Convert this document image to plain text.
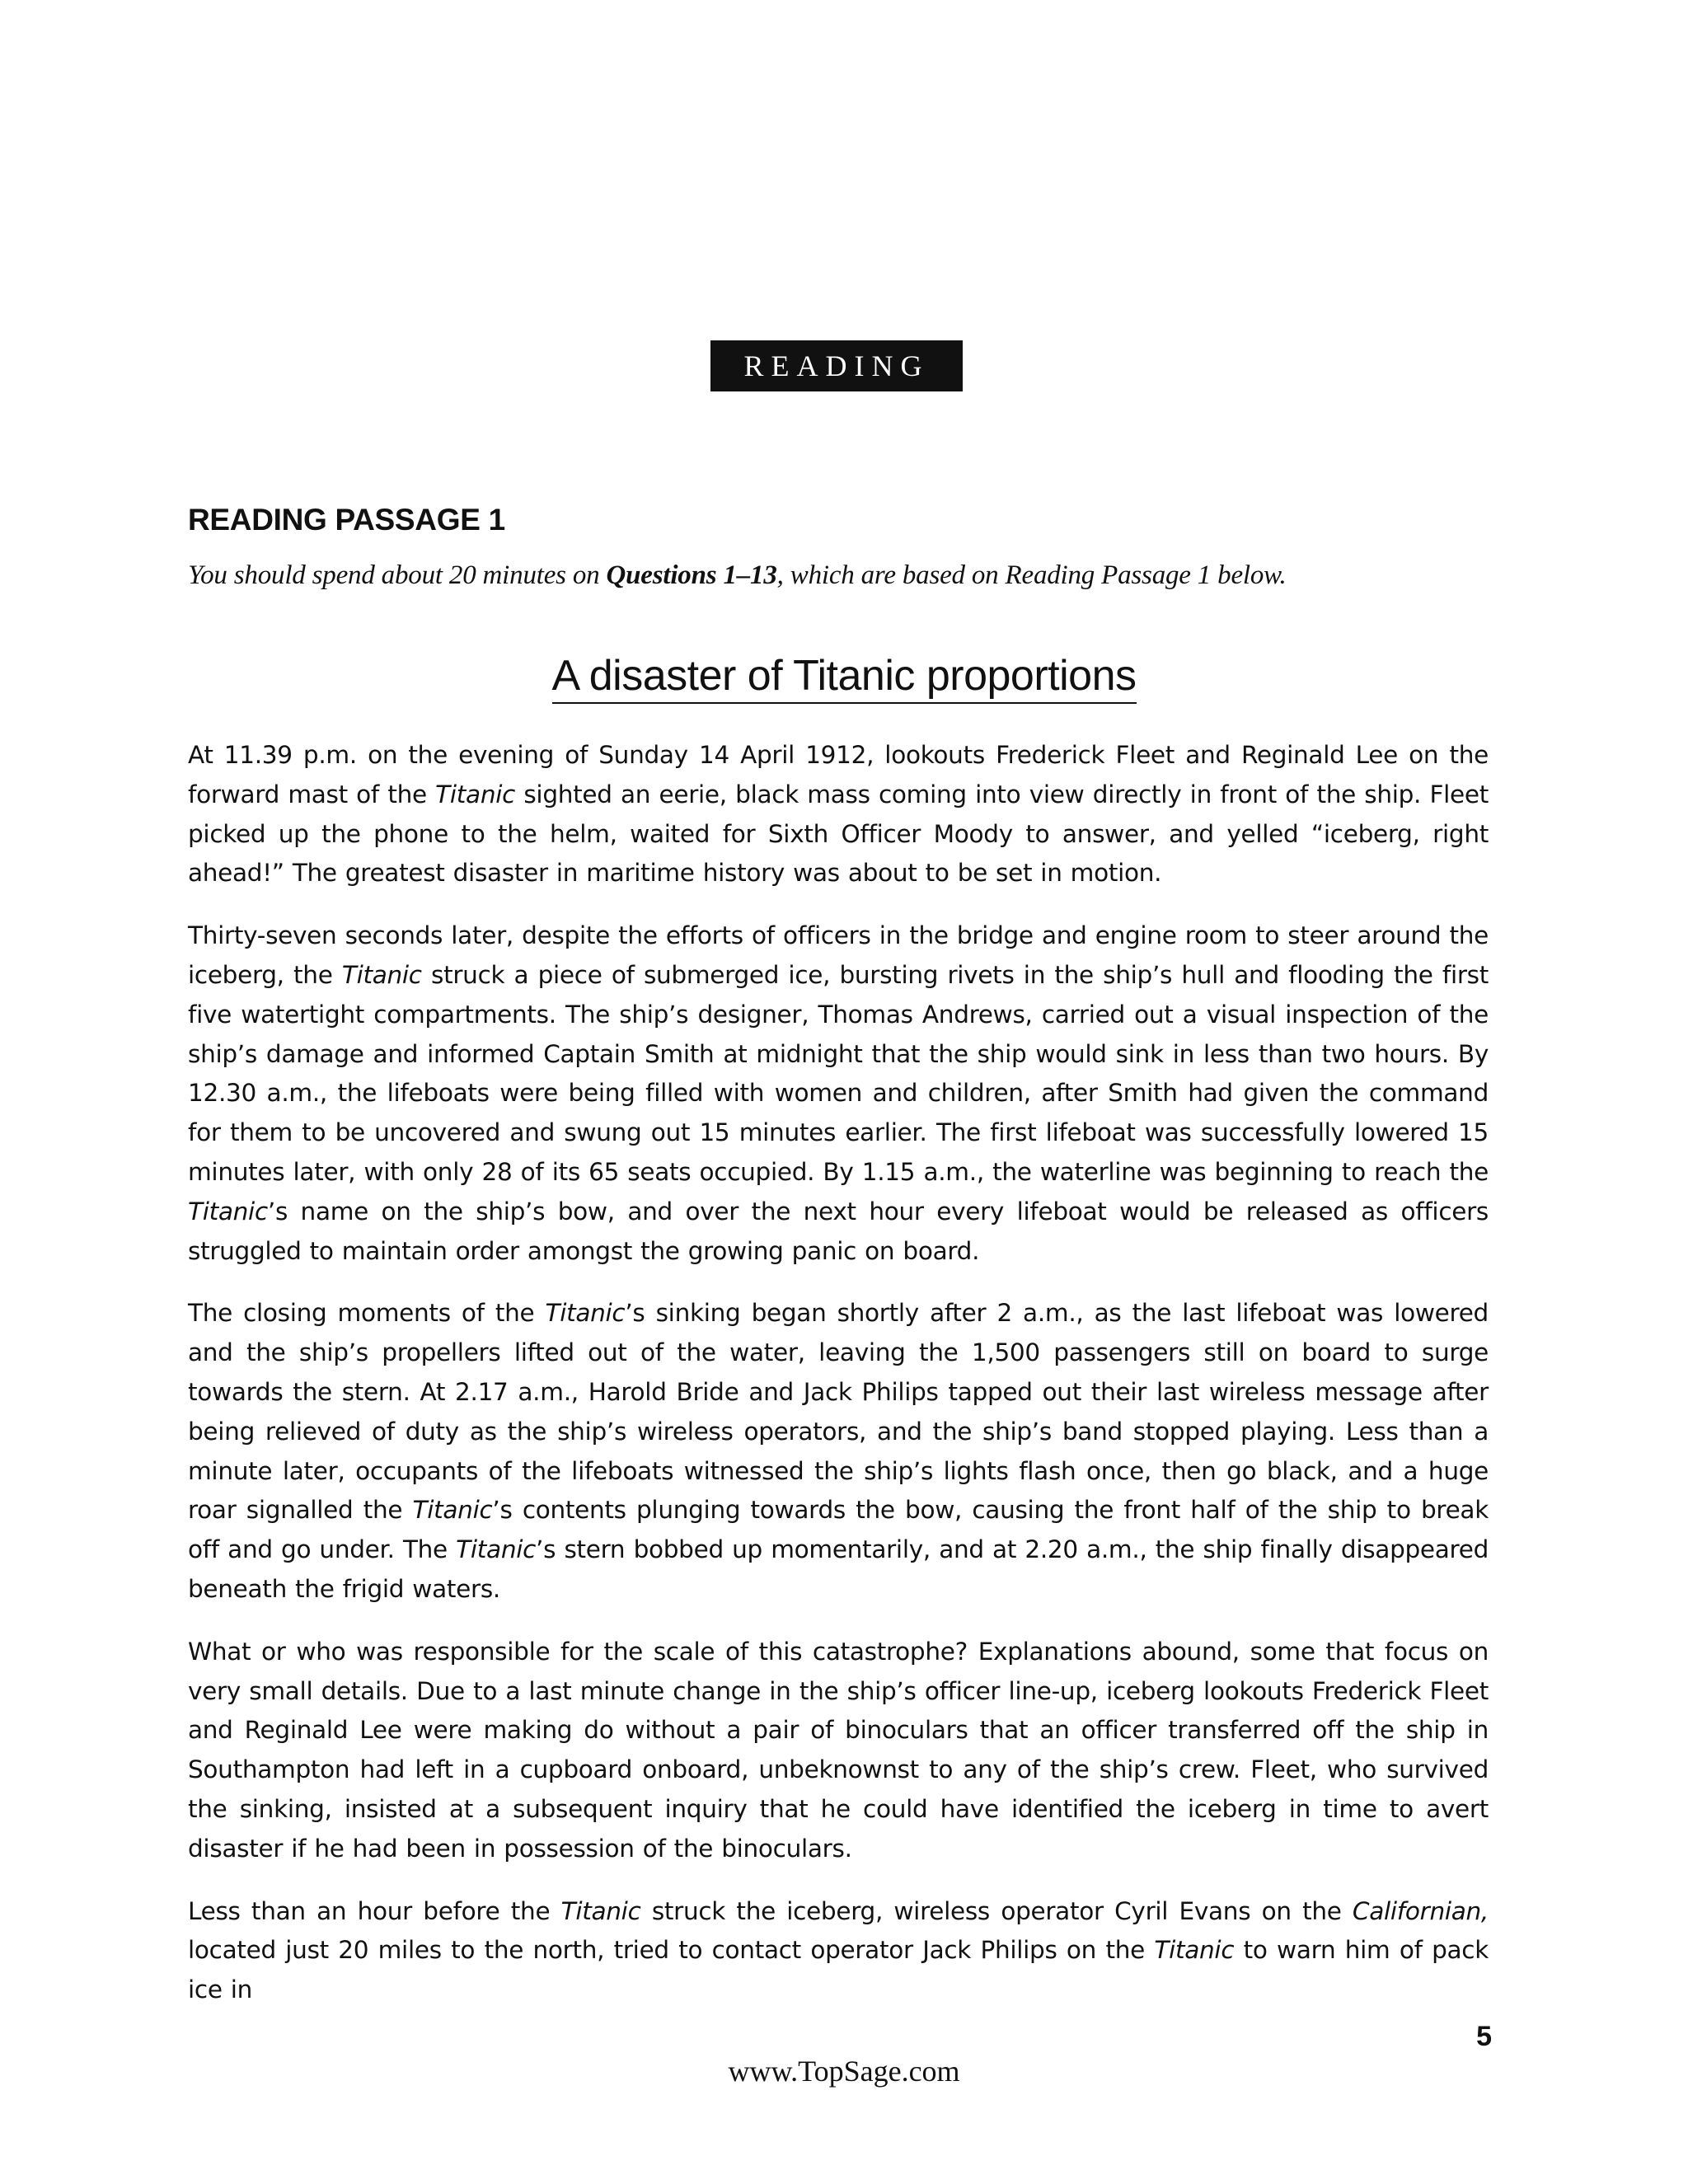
READING
READING PASSAGE 1
You should spend about 20 minutes on Questions 1–13, which are based on Reading Passage 1 below.
A disaster of Titanic proportions

At 11.39 p.m. on the evening of Sunday 14 April 1912, lookouts Frederick Fleet and Reginald Lee on the forward mast of the Titanic sighted an eerie, black mass coming into view directly in front of the ship. Fleet picked up the phone to the helm, waited for Sixth Officer Moody to answer, and yelled “iceberg, right ahead!” The greatest disaster in maritime history was about to be set in motion.

Thirty-seven seconds later, despite the efforts of officers in the bridge and engine room to steer around the iceberg, the Titanic struck a piece of submerged ice, bursting rivets in the ship’s hull and flooding the first five watertight compartments. The ship’s designer, Thomas Andrews, carried out a visual inspection of the ship’s damage and informed Captain Smith at midnight that the ship would sink in less than two hours. By 12.30 a.m., the lifeboats were being filled with women and children, after Smith had given the command for them to be uncovered and swung out 15 minutes earlier. The first lifeboat was successfully lowered 15 minutes later, with only 28 of its 65 seats occupied. By 1.15 a.m., the waterline was beginning to reach the Titanic’s name on the ship’s bow, and over the next hour every lifeboat would be released as officers struggled to maintain order amongst the growing panic on board.

The closing moments of the Titanic’s sinking began shortly after 2 a.m., as the last lifeboat was lowered and the ship’s propellers lifted out of the water, leaving the 1,500 passengers still on board to surge towards the stern. At 2.17 a.m., Harold Bride and Jack Philips tapped out their last wireless message after being relieved of duty as the ship’s wireless operators, and the ship’s band stopped playing. Less than a minute later, occupants of the lifeboats witnessed the ship’s lights flash once, then go black, and a huge roar signalled the Titanic’s contents plunging towards the bow, causing the front half of the ship to break off and go under. The Titanic’s stern bobbed up momentarily, and at 2.20 a.m., the ship finally disappeared beneath the frigid waters.

What or who was responsible for the scale of this catastrophe? Explanations abound, some that focus on very small details. Due to a last minute change in the ship’s officer line-up, iceberg lookouts Frederick Fleet and Reginald Lee were making do without a pair of binoculars that an officer transferred off the ship in Southampton had left in a cupboard onboard, unbeknownst to any of the ship’s crew. Fleet, who survived the sinking, insisted at a subsequent inquiry that he could have identified the iceberg in time to avert disaster if he had been in possession of the binoculars.

Less than an hour before the Titanic struck the iceberg, wireless operator Cyril Evans on the Californian, located just 20 miles to the north, tried to contact operator Jack Philips on the Titanic to warn him of pack ice in

5
www.TopSage.com
